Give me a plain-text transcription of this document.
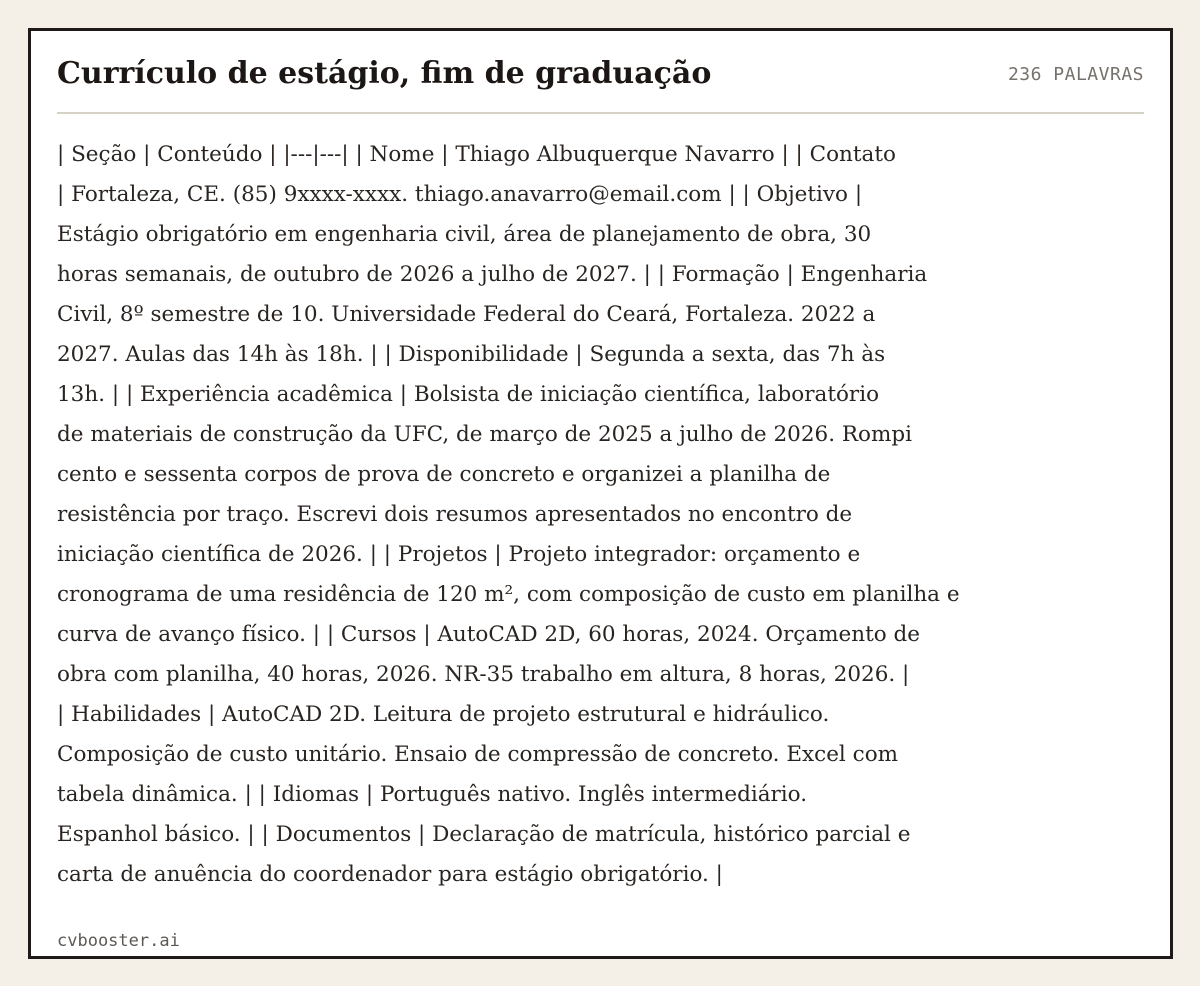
Currículo de estágio, fim de graduação	236 PALAVRAS
| Seção | Conteúdo | |---|---| | Nome | Thiago Albuquerque Navarro | | Contato
| Fortaleza, CE. (85) 9xxxx-xxxx. thiago.anavarro@email.com | | Objetivo |
Estágio obrigatório em engenharia civil, área de planejamento de obra, 30
horas semanais, de outubro de 2026 a julho de 2027. | | Formação | Engenharia
Civil, 8º semestre de 10. Universidade Federal do Ceará, Fortaleza. 2022 a
2027. Aulas das 14h às 18h. | | Disponibilidade | Segunda a sexta, das 7h às
13h. | | Experiência acadêmica | Bolsista de iniciação científica, laboratório
de materiais de construção da UFC, de março de 2025 a julho de 2026. Rompi
cento e sessenta corpos de prova de concreto e organizei a planilha de
resistência por traço. Escrevi dois resumos apresentados no encontro de
iniciação científica de 2026. | | Projetos | Projeto integrador: orçamento e
cronograma de uma residência de 120 m², com composição de custo em planilha e
curva de avanço físico. | | Cursos | AutoCAD 2D, 60 horas, 2024. Orçamento de
obra com planilha, 40 horas, 2026. NR-35 trabalho em altura, 8 horas, 2026. |
| Habilidades | AutoCAD 2D. Leitura de projeto estrutural e hidráulico.
Composição de custo unitário. Ensaio de compressão de concreto. Excel com
tabela dinâmica. | | Idiomas | Português nativo. Inglês intermediário.
Espanhol básico. | | Documentos | Declaração de matrícula, histórico parcial e
carta de anuência do coordenador para estágio obrigatório. |
cvbooster.ai
